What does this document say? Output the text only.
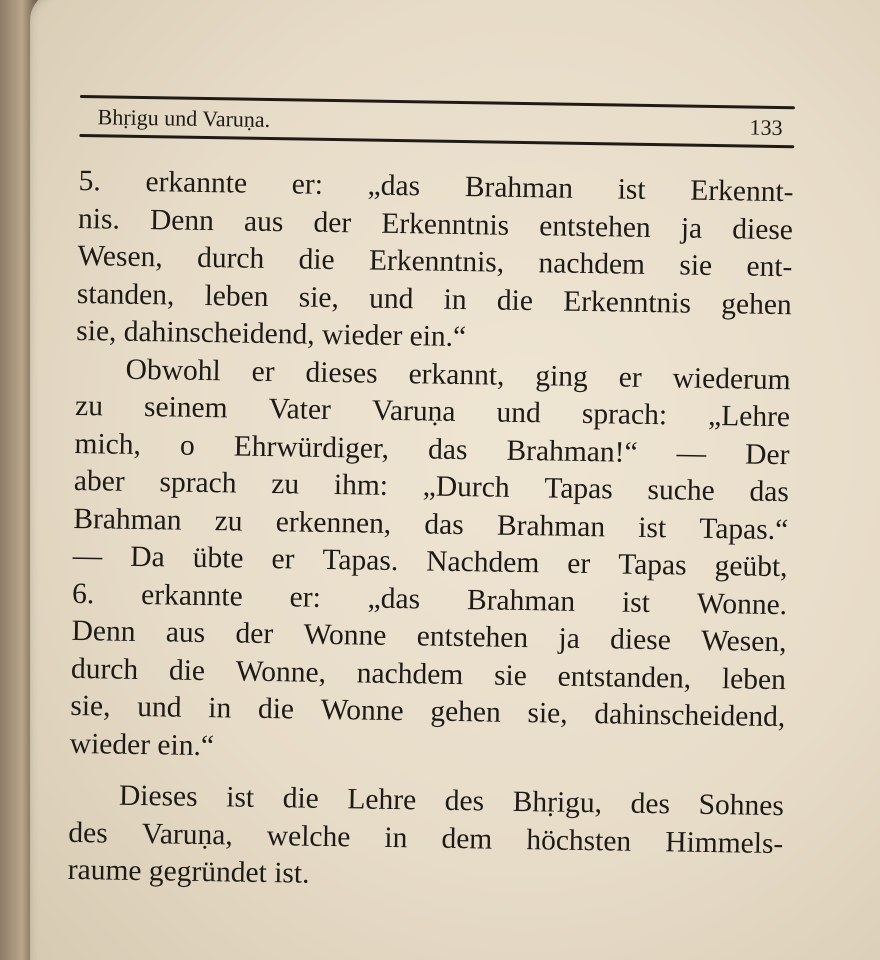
Bhṛigu und Varuṇa.	133
5. erkannte er: „das Brahman ist Erkennt-
nis. Denn aus der Erkenntnis entstehen ja diese
Wesen, durch die Erkenntnis, nachdem sie ent-
standen, leben sie, und in die Erkenntnis gehen
sie, dahinscheidend, wieder ein.“
Obwohl er dieses erkannt, ging er wiederum
zu seinem Vater Varuṇa und sprach: „Lehre
mich, o Ehrwürdiger, das Brahman!“ — Der
aber sprach zu ihm: „Durch Tapas suche das
Brahman zu erkennen, das Brahman ist Tapas.“
— Da übte er Tapas. Nachdem er Tapas geübt,
6. erkannte er: „das Brahman ist Wonne.
Denn aus der Wonne entstehen ja diese Wesen,
durch die Wonne, nachdem sie entstanden, leben
sie, und in die Wonne gehen sie, dahinscheidend,
wieder ein.“
Dieses ist die Lehre des Bhṛigu, des Sohnes
des Varuṇa, welche in dem höchsten Himmels-
raume gegründet ist.
